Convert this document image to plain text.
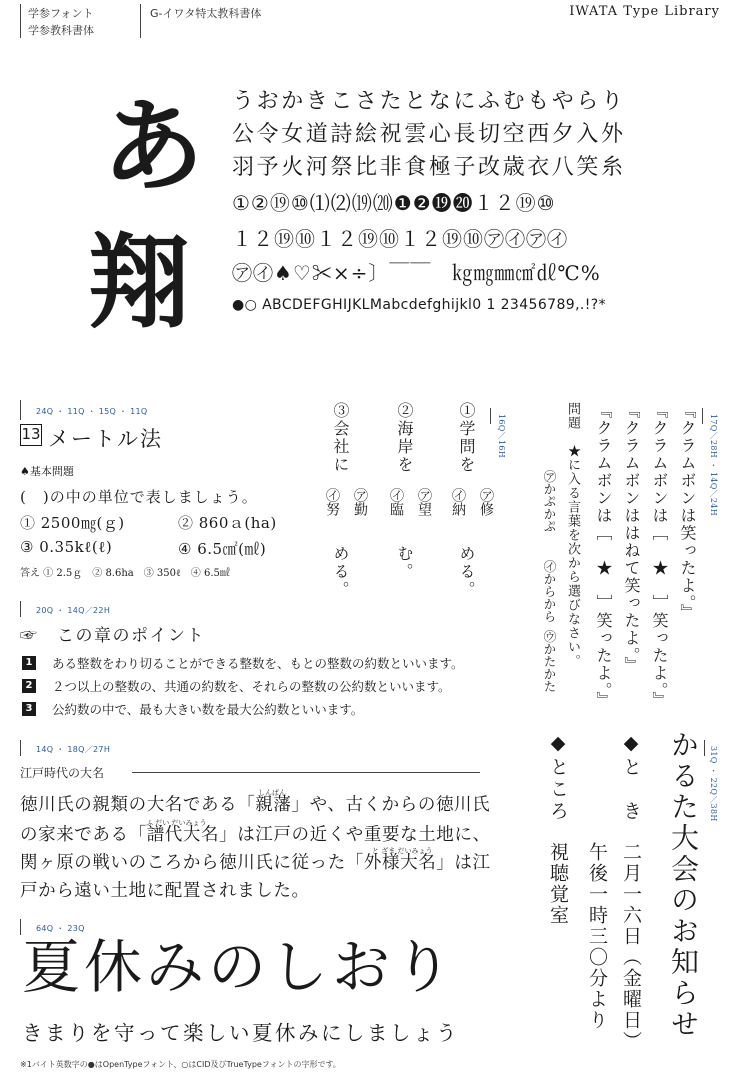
学参フォント
学参教科書体
G-イワタ特太教科書体	IWATA Type Library
あ
翔
うおかきこさたとなにふむもやらり
公令女道詩絵祝雲心長切空西夕入外
羽予火河祭比非食極子改歳衣八笑糸
①②⑲⑩⑴⑵⒆⒇❶❷⓳⓴１２⑲⑩
１２⑲⑩１２⑲⑩１２⑲⑩㋐㋑㋐㋑
㋐㋑♠♡✂×÷〕￣￣　㎏㎎㎜㎠㎗℃%
●○ ABCDEFGHIJKLMabcdefghijkl0 1 23456789,.!?*
24Q ・ 11Q ・ 15Q ・ 11Q
13 メートル法
♠基本問題
(　)の中の単位で表しましょう。
① 2500㎎(ｇ)	② 860ａ(ha)
③ 0.35kℓ(ℓ)	④ 6.5㎠(㎖)
答え ① 2.5ｇ　② 8.6ha　③ 350ℓ　④ 6.5㎖
20Q ・ 14Q／22H
☞　この章のポイント
1 ある整数をわり切ることができる整数を、もとの整数の約数といいます。
2 ２つ以上の整数の、共通の約数を、それらの整数の公約数といいます。
3 公約数の中で、最も大きい数を最大公約数といいます。
14Q ・ 18Q／27H
江戸時代の大名
しんぱん
徳川氏の親類の大名である「親藩」や、古くからの徳川氏
ふ だい だいみょう
の家来である「譜代大名」は江戸の近くや重要な土地に、
と ざま だいみょう
関ヶ原の戦いのころから徳川氏に従った「外様大名」は江
戸から遠い土地に配置されました。
64Q ・ 23Q
夏休みのしおり
きまりを守って楽しい夏休みにしましょう
※1バイト英数字の●はOpenTypeフォント、○はCID及びTrueTypeフォントの字形です。
16Q／16H
①学問を
㋐修
㋑納
める。
②海岸を
㋐望
㋑臨
む。
③会社に
㋐勤
㋑努
める。
17Q／28H ・ 14Q／24H
『クラムボンは笑ったよ。』
『クラムボンは［　★　］笑ったよ。』
『クラムボンははねて笑ったよ。』
『クラムボンは［　★　］笑ったよ。』
問題　★に入る言葉を次から選びなさい。
㋐かぷかぷ
㋑からから
㋒かたかた
31Q ・ 22Q／38H
かるた大会のお知らせ
◆と　き
二月一六日（金曜日）
午後一時三〇分より
◆ところ
視聴覚室
